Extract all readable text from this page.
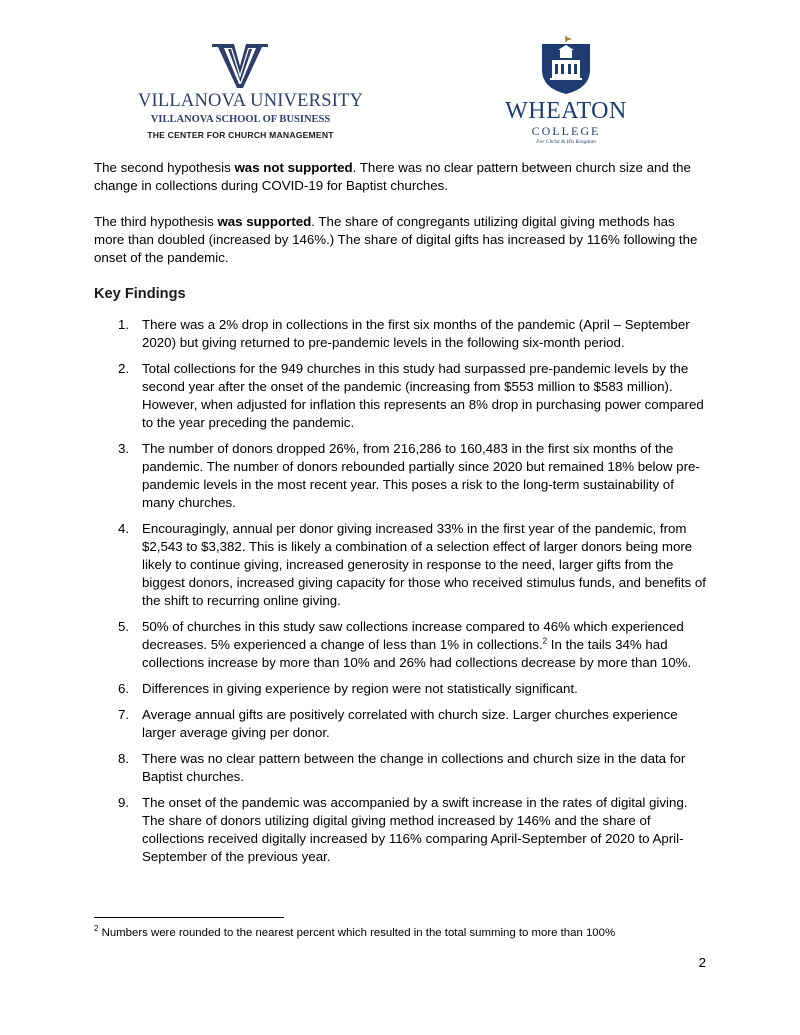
VILLANOVA UNIVERSITY
VILLANOVA SCHOOL OF BUSINESS
THE CENTER FOR CHURCH MANAGEMENT
WHEATON
COLLEGE
For Christ & His Kingdom

The second hypothesis was not supported. There was no clear pattern between church size and the change in collections during COVID-19 for Baptist churches.

The third hypothesis was supported. The share of congregants utilizing digital giving methods has more than doubled (increased by 146%.) The share of digital gifts has increased by 116% following the onset of the pandemic.

Key Findings
1. There was a 2% drop in collections in the first six months of the pandemic (April – September 2020) but giving returned to pre-pandemic levels in the following six-month period.
2. Total collections for the 949 churches in this study had surpassed pre-pandemic levels by the second year after the onset of the pandemic (increasing from $553 million to $583 million). However, when adjusted for inflation this represents an 8% drop in purchasing power compared to the year preceding the pandemic.
3. The number of donors dropped 26%, from 216,286 to 160,483 in the first six months of the pandemic. The number of donors rebounded partially since 2020 but remained 18% below pre-pandemic levels in the most recent year. This poses a risk to the long-term sustainability of many churches.
4. Encouragingly, annual per donor giving increased 33% in the first year of the pandemic, from $2,543 to $3,382. This is likely a combination of a selection effect of larger donors being more likely to continue giving, increased generosity in response to the need, larger gifts from the biggest donors, increased giving capacity for those who received stimulus funds, and benefits of the shift to recurring online giving.
5. 50% of churches in this study saw collections increase compared to 46% which experienced decreases. 5% experienced a change of less than 1% in collections.$^2$ In the tails 34% had collections increase by more than 10% and 26% had collections decrease by more than 10%.
6. Differences in giving experience by region were not statistically significant.
7. Average annual gifts are positively correlated with church size. Larger churches experience larger average giving per donor.
8. There was no clear pattern between the change in collections and church size in the data for Baptist churches.
9. The onset of the pandemic was accompanied by a swift increase in the rates of digital giving. The share of donors utilizing digital giving method increased by 146% and the share of collections received digitally increased by 116% comparing April-September of 2020 to April-September of the previous year.
$^2$ Numbers were rounded to the nearest percent which resulted in the total summing to more than 100%
2
